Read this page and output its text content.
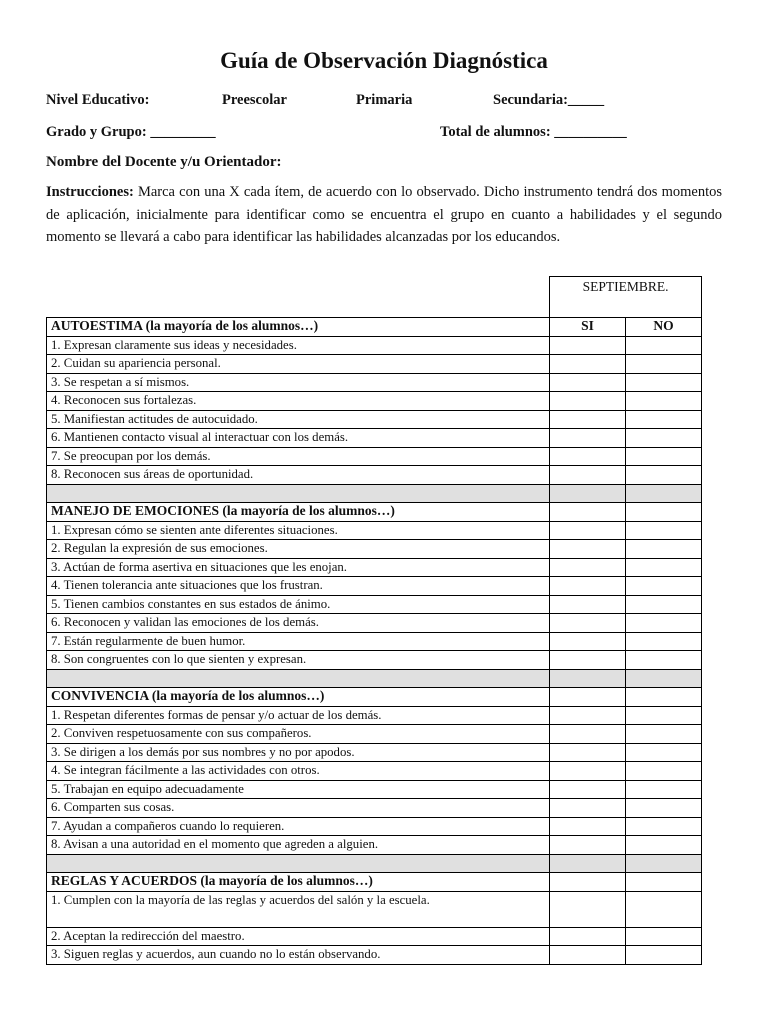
Guía de Observación Diagnóstica
Nivel Educativo:	Preescolar	Primaria	Secundaria:_____
Grado y Grupo: _________	Total de alumnos: __________
Nombre del Docente y/u Orientador:
Instrucciones: Marca con una X cada ítem, de acuerdo con lo observado. Dicho instrumento tendrá dos momentos de aplicación, inicialmente para identificar como se encuentra el grupo en cuanto a habilidades y el segundo momento se llevará a cabo para identificar las habilidades alcanzadas por los educandos.
	SEPTIEMBRE.	
AUTOESTIMA (la mayoría de los alumnos…)	SI	NO
1. Expresan claramente sus ideas y necesidades.		
2. Cuidan su apariencia personal.		
3. Se respetan a sí mismos.		
4. Reconocen sus fortalezas.		
5. Manifiestan actitudes de autocuidado.		
6. Mantienen contacto visual al interactuar con los demás.		
7. Se preocupan por los demás.		
8. Reconocen sus áreas de oportunidad.		

MANEJO DE EMOCIONES (la mayoría de los alumnos…)		
1. Expresan cómo se sienten ante diferentes situaciones.		
2. Regulan la expresión de sus emociones.		
3. Actúan de forma asertiva en situaciones que les enojan.		
4. Tienen tolerancia ante situaciones que los frustran.		
5. Tienen cambios constantes en sus estados de ánimo.		
6. Reconocen y validan las emociones de los demás.		
7. Están regularmente de buen humor.		
8. Son congruentes con lo que sienten y expresan.		

CONVIVENCIA (la mayoría de los alumnos…)		
1. Respetan diferentes formas de pensar y/o actuar de los demás.		
2. Conviven respetuosamente con sus compañeros.		
3. Se dirigen a los demás por sus nombres y no por apodos.		
4. Se integran fácilmente a las actividades con otros.		
5. Trabajan en equipo adecuadamente		
6. Comparten sus cosas.		
7. Ayudan a compañeros cuando lo requieren.		
8. Avisan a una autoridad en el momento que agreden a alguien.		

REGLAS Y ACUERDOS (la mayoría de los alumnos…)		
1. Cumplen con la mayoría de las reglas y acuerdos del salón y la escuela.		
2. Aceptan la redirección del maestro.		
3. Siguen reglas y acuerdos, aun cuando no lo están observando.		
